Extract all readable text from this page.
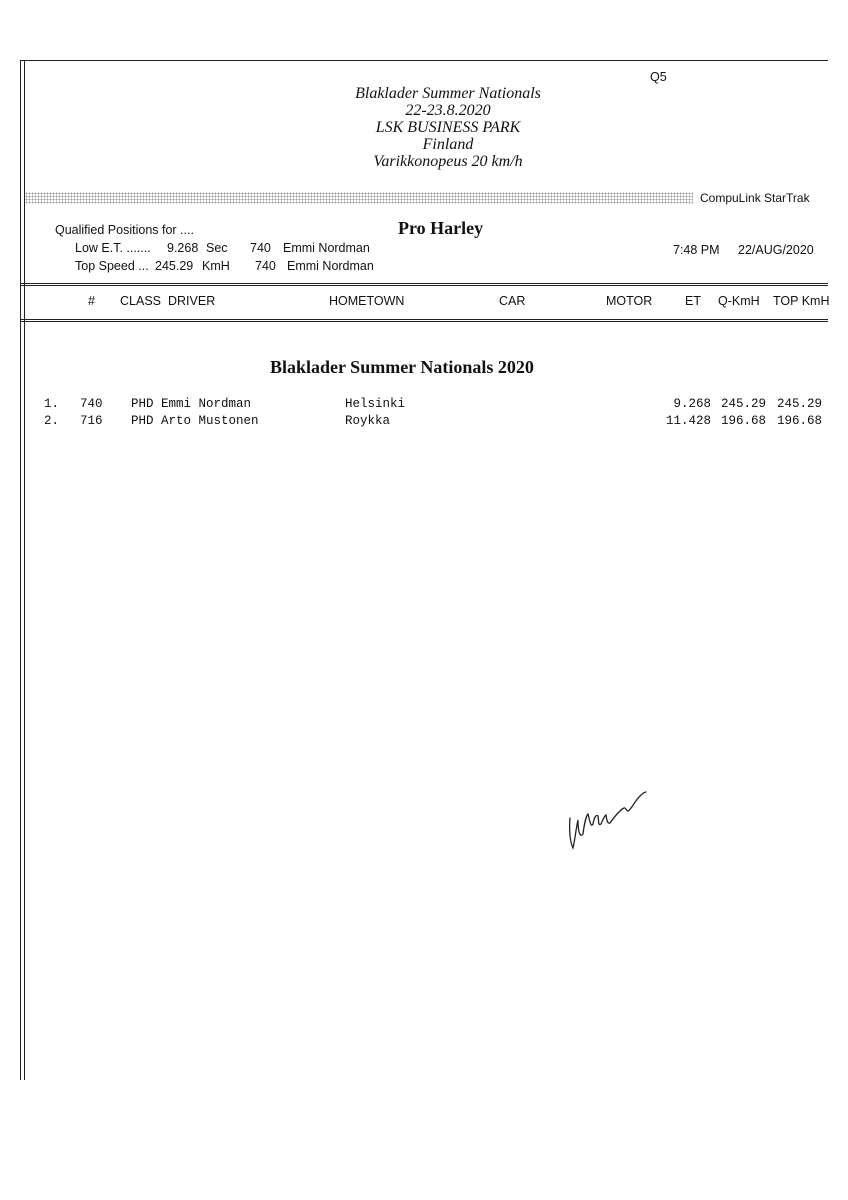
Q5
Blaklader Summer Nationals
22-23.8.2020
LSK BUSINESS PARK
Finland
Varikkonopeus 20 km/h
CompuLink StarTrak
Qualified Positions for ....	Pro Harley
Low E.T. ....... 9.268 Sec 740 Emmi Nordman
Top Speed ... 245.29 KmH 740 Emmi Nordman
7:48 PM 22/AUG/2020
# CLASS DRIVER	HOMETOWN	CAR	MOTOR	ET Q-KmH TOP KmH
Blaklader Summer Nationals 2020
1. 740 PHD Emmi Nordman	Helsinki	9.268 245.29 245.29
2. 716 PHD Arto Mustonen	Roykka	11.428 196.68 196.68
